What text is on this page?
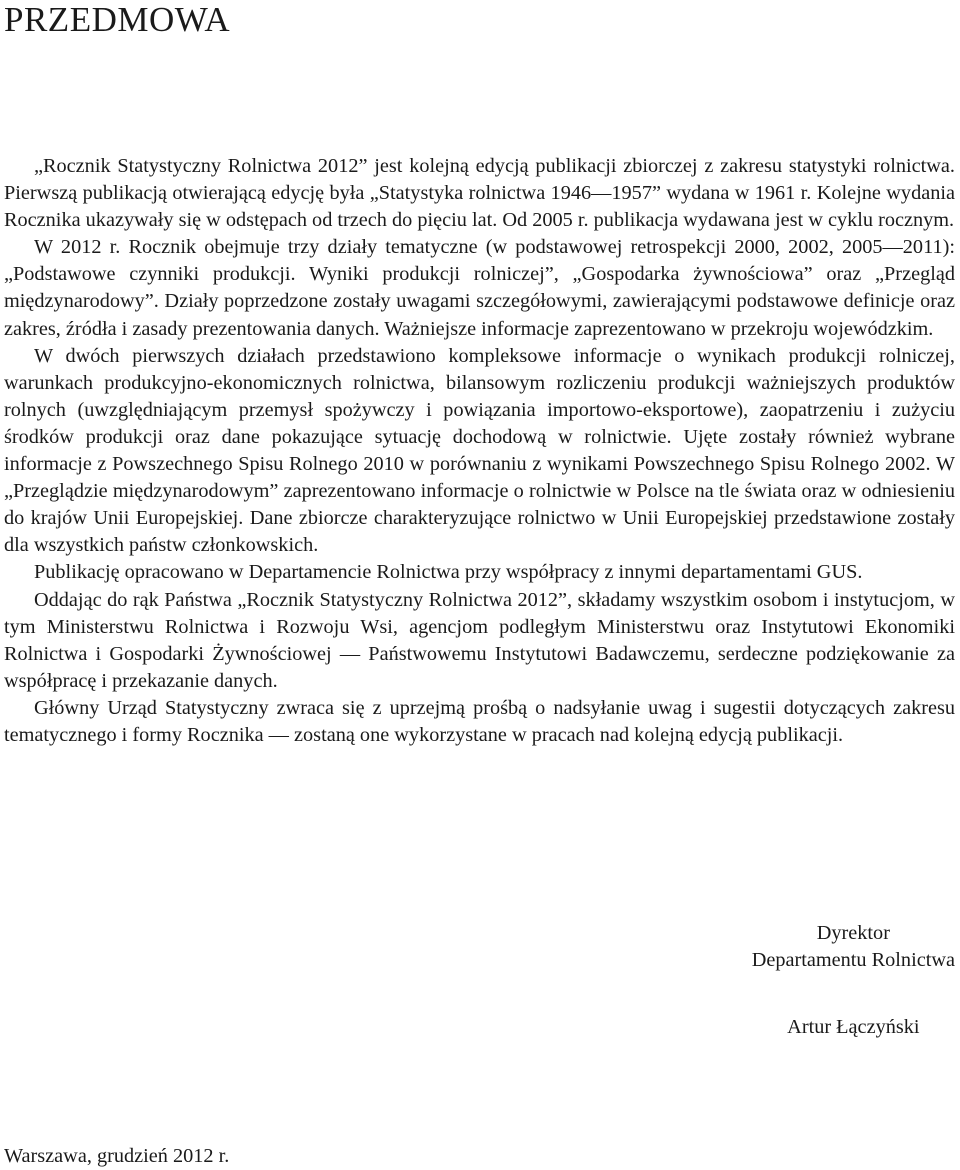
PRZEDMOWA

„Rocznik Statystyczny Rolnictwa 2012” jest kolejną edycją publikacji zbiorczej z zakresu statystyki rolnictwa. Pierwszą publikacją otwierającą edycję była „Statystyka rolnictwa 1946—1957” wydana w 1961 r. Kolejne wydania Rocznika ukazywały się w odstępach od trzech do pięciu lat. Od 2005 r. publikacja wydawana jest w cyklu rocznym.

W 2012 r. Rocznik obejmuje trzy działy tematyczne (w podstawowej retrospekcji 2000, 2002, 2005—2011): „Podstawowe czynniki produkcji. Wyniki produkcji rolniczej”, „Gospodarka żywnościowa” oraz „Przegląd międzynarodowy”. Działy poprzedzone zostały uwagami szczegółowymi, zawierającymi podstawowe definicje oraz zakres, źródła i zasady prezentowania danych. Ważniejsze informacje zaprezentowano w przekroju wojewódzkim.

W dwóch pierwszych działach przedstawiono kompleksowe informacje o wynikach produkcji rolniczej, warunkach produkcyjno-ekonomicznych rolnictwa, bilansowym rozliczeniu produkcji ważniejszych produktów rolnych (uwzględniającym przemysł spożywczy i powiązania importowo-eksportowe), zaopatrzeniu i zużyciu środków produkcji oraz dane pokazujące sytuację dochodową w rolnictwie. Ujęte zostały również wybrane informacje z Powszechnego Spisu Rolnego 2010 w porównaniu z wynikami Powszechnego Spisu Rolnego 2002. W „Przeglądzie międzynarodowym” zaprezentowano informacje o rolnictwie w Polsce na tle świata oraz w odniesieniu do krajów Unii Europejskiej. Dane zbiorcze charakteryzujące rolnictwo w Unii Europejskiej przedstawione zostały dla wszystkich państw członkowskich.

Publikację opracowano w Departamencie Rolnictwa przy współpracy z innymi departamentami GUS.

Oddając do rąk Państwa „Rocznik Statystyczny Rolnictwa 2012”, składamy wszystkim osobom i instytucjom, w tym Ministerstwu Rolnictwa i Rozwoju Wsi, agencjom podległym Ministerstwu oraz Instytutowi Ekonomiki Rolnictwa i Gospodarki Żywnościowej — Państwowemu Instytutowi Badawczemu, serdeczne podziękowanie za współpracę i przekazanie danych.

Główny Urząd Statystyczny zwraca się z uprzejmą prośbą o nadsyłanie uwag i sugestii dotyczących zakresu tematycznego i formy Rocznika — zostaną one wykorzystane w pracach nad kolejną edycją publikacji.

Dyrektor
Departamentu Rolnictwa
Artur Łączyński
Warszawa, grudzień 2012 r.
